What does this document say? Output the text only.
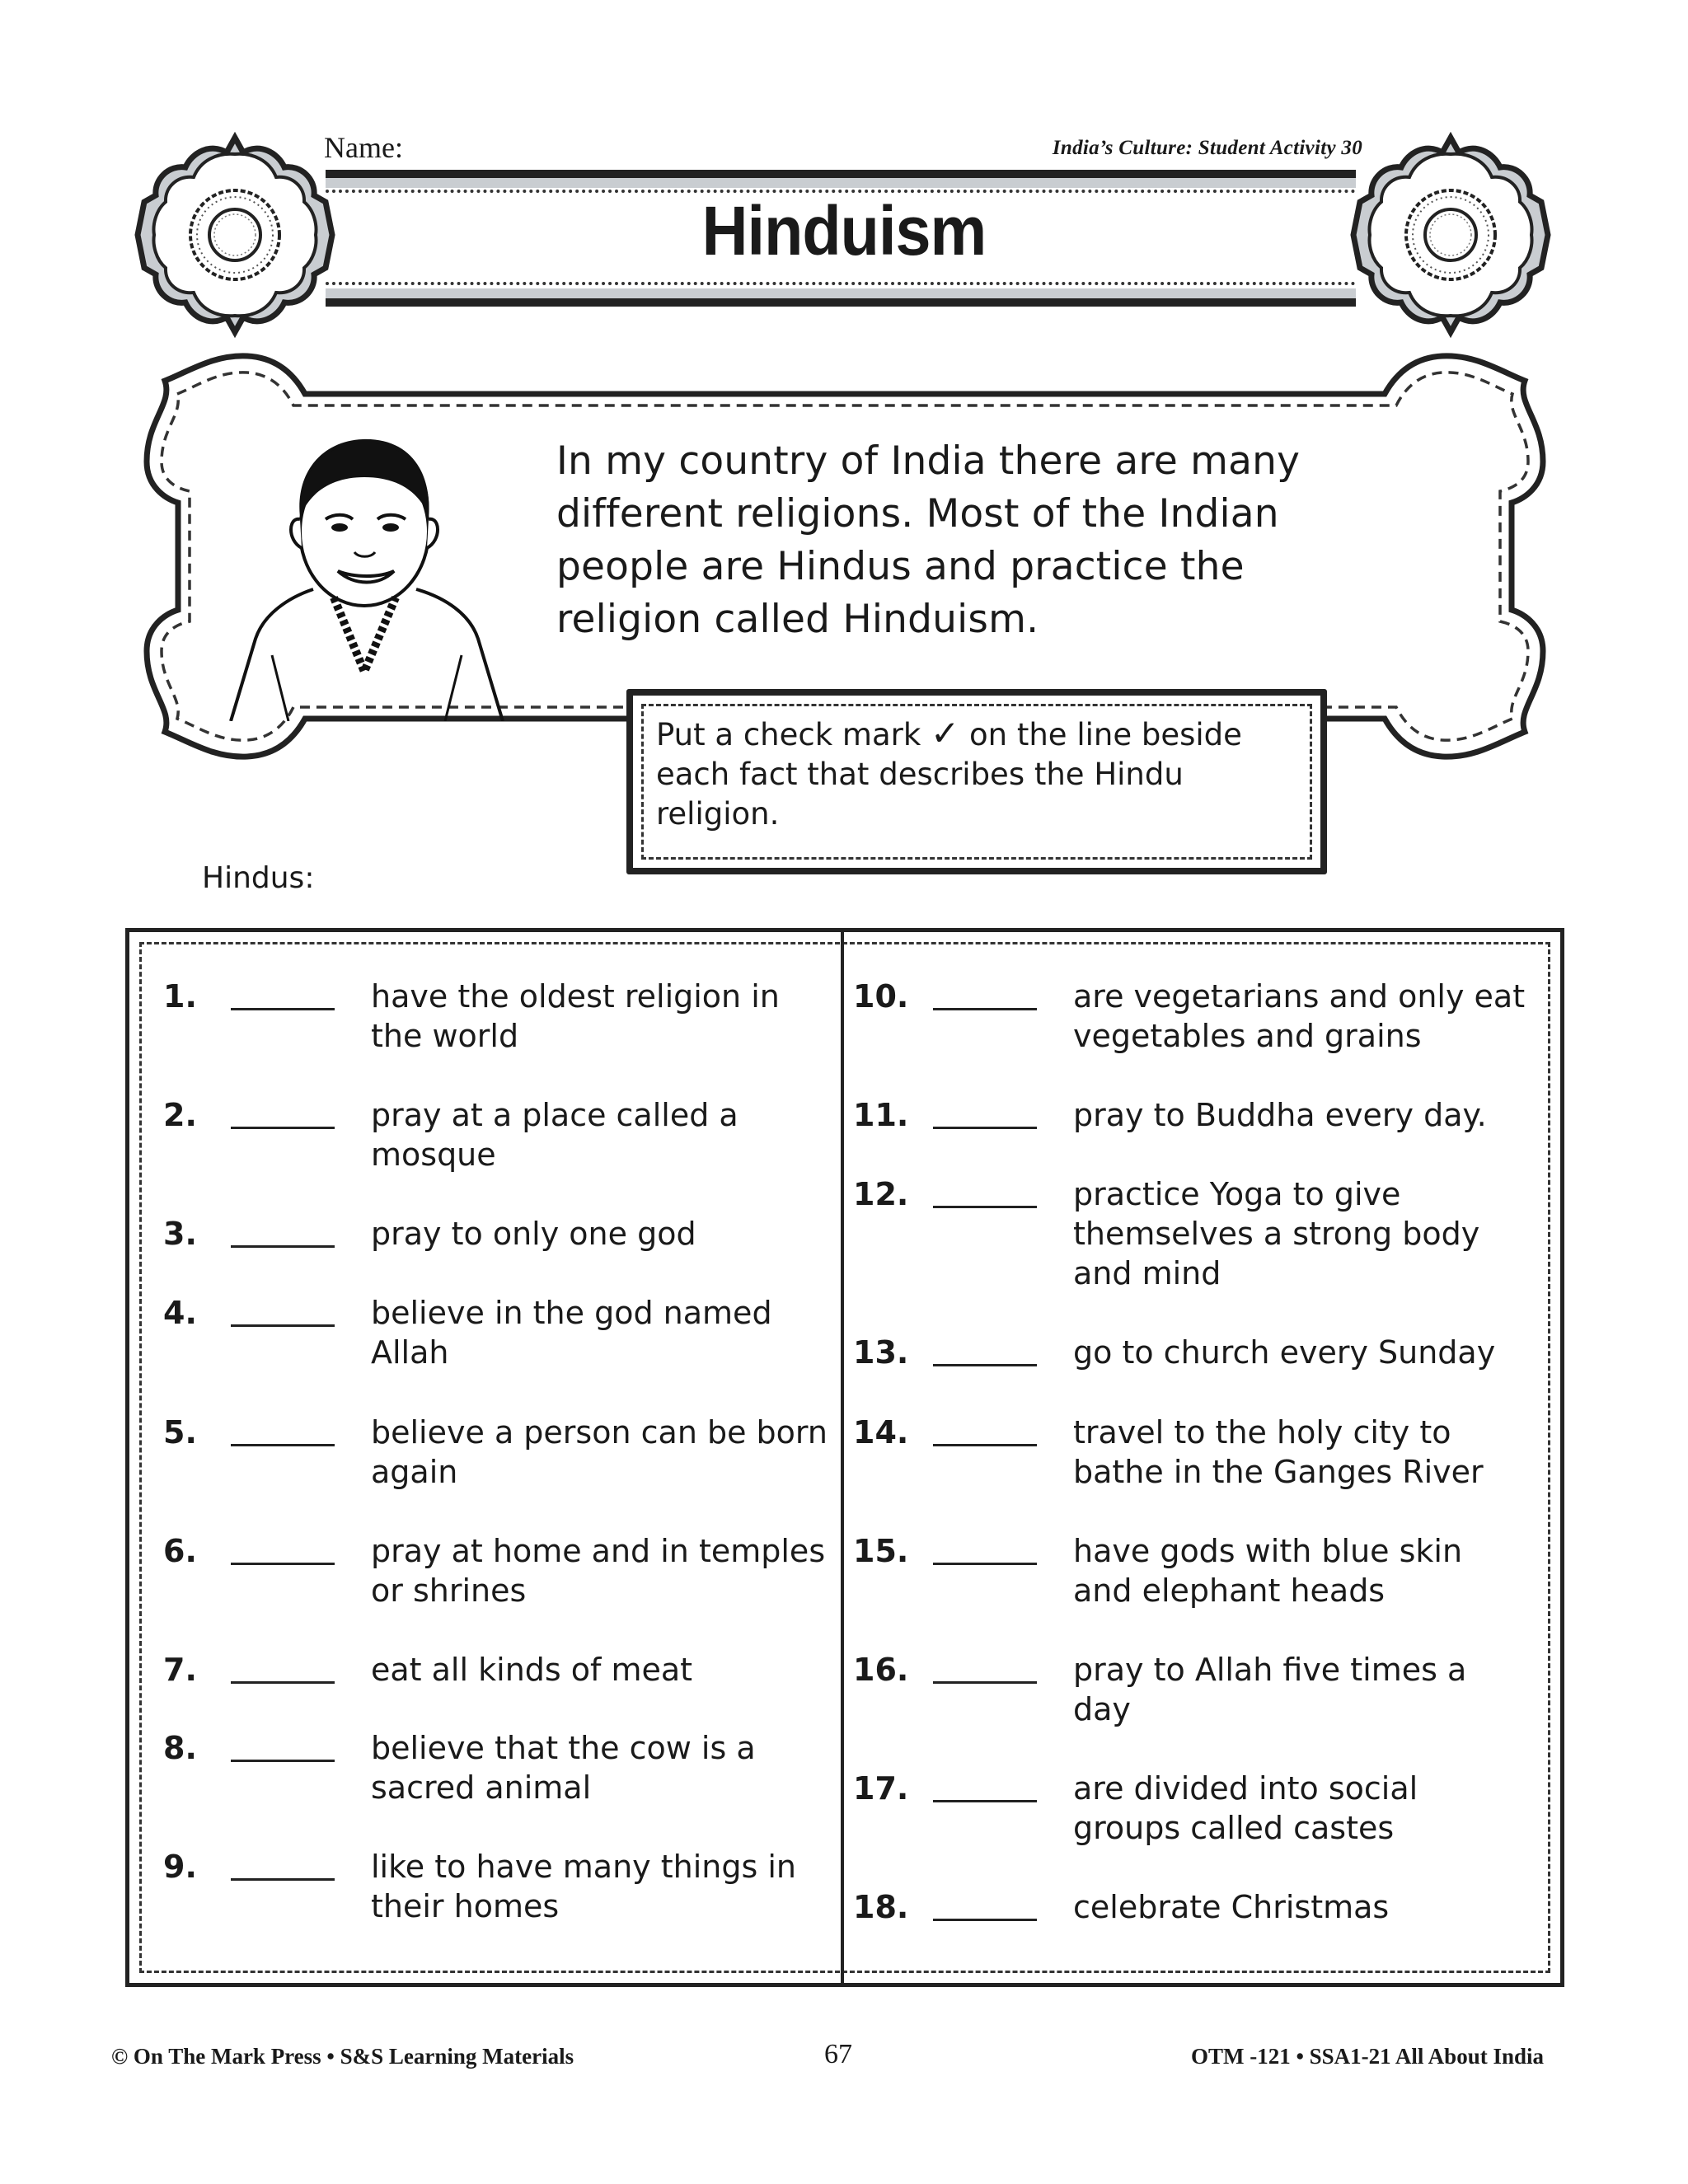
Name:	India’s Culture: Student Activity 30
Hinduism
In my country of India there are many
different religions. Most of the Indian
people are Hindus and practice the
religion called Hinduism.
Put a check mark ✓ on the line beside
each fact that describes the Hindu
religion.
Hindus:
1.	have the oldest religion in
the world
2.	pray at a place called a
mosque
3.	pray to only one god
4.	believe in the god named
Allah
5.	believe a person can be born
again
6.	pray at home and in temples
or shrines
7.	eat all kinds of meat
8.	believe that the cow is a
sacred animal
9.	like to have many things in
their homes
10.	are vegetarians and only eat
vegetables and grains
11.	pray to Buddha every day.
12.	practice Yoga to give
themselves a strong body
and mind
13.	go to church every Sunday
14.	travel to the holy city to
bathe in the Ganges River
15.	have gods with blue skin
and elephant heads
16.	pray to Allah five times a
day
17.	are divided into social
groups called castes
18.	celebrate Christmas
© On The Mark Press • S&S Learning Materials	67	OTM -121 • SSA1-21 All About India
